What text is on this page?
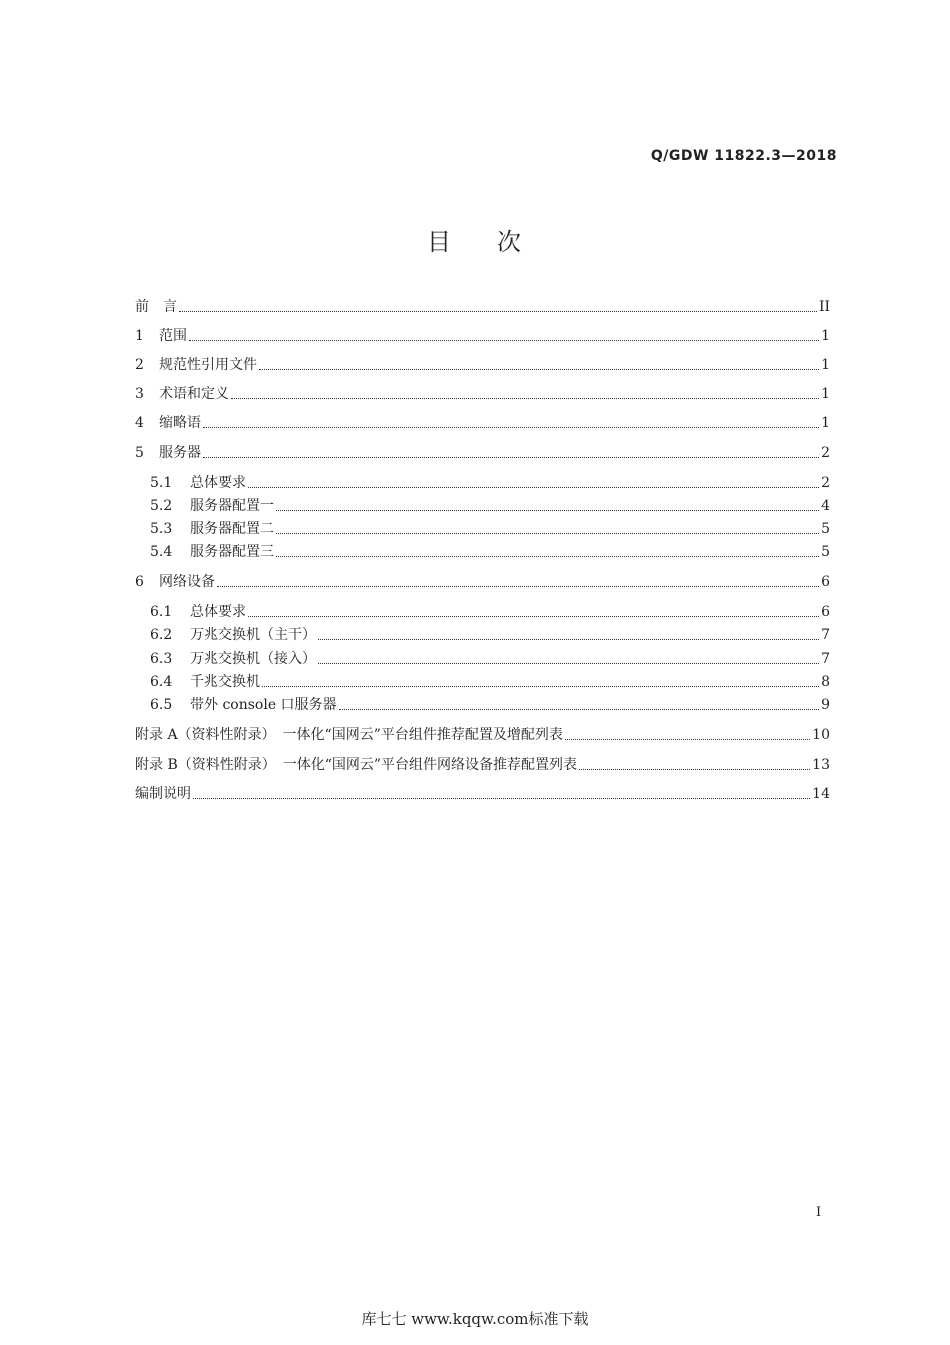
Q/GDW 11822.3—2018
目 次
前　言	II
1	范围	1
2	规范性引用文件	1
3	术语和定义	1
4	缩略语	1
5	服务器	2
5.1	总体要求	2
5.2	服务器配置一	4
5.3	服务器配置二	5
5.4	服务器配置三	5
6	网络设备	6
6.1	总体要求	6
6.2	万兆交换机（主干）	7
6.3	万兆交换机（接入）	7
6.4	千兆交换机	8
6.5	带外 console 口服务器	9
附录 A（资料性附录）　一体化“国网云”平台组件推荐配置及增配列表	10
附录 B（资料性附录）　一体化“国网云”平台组件网络设备推荐配置列表	13
编制说明	14
I
库七七 www.kqqw.com标准下载
